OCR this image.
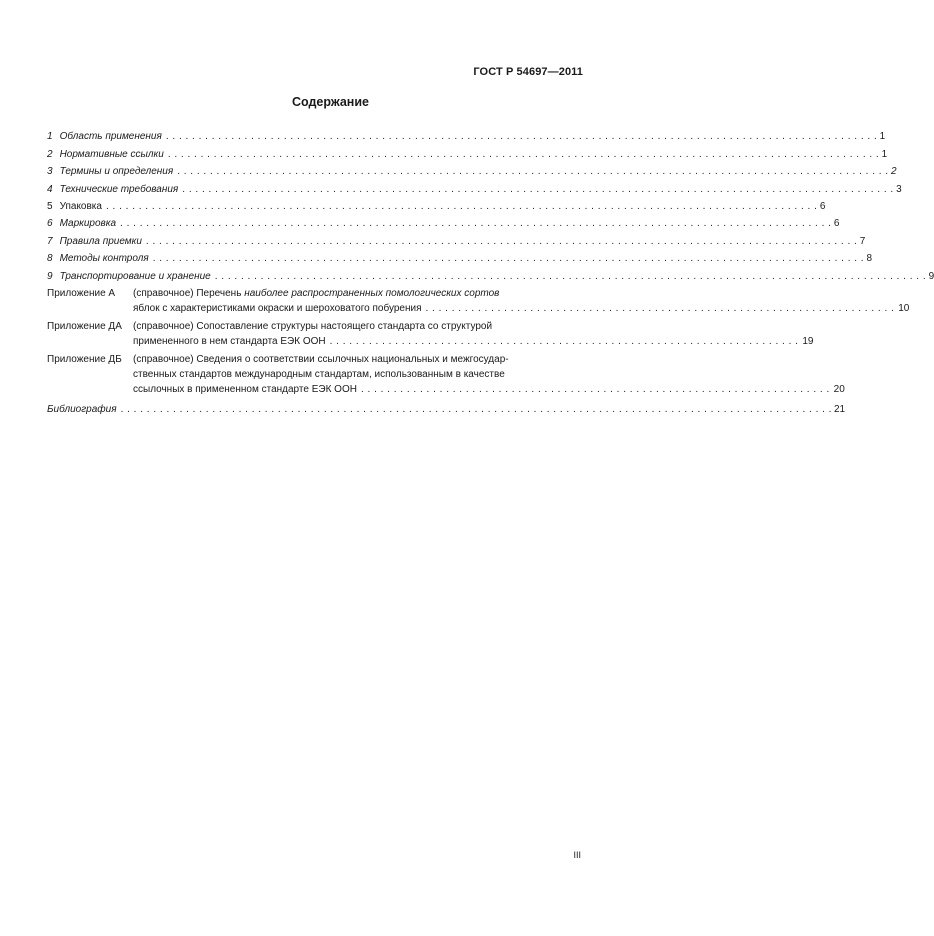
ГОСТ Р 54697—2011
Содержание
1 Область применения . . .	1
2 Нормативные ссылки . . .	1
3 Термины и определения . . .	2
4 Технические требования . . .	3
5 Упаковка . . .	6
6 Маркировка . . .	6
7 Правила приемки . . .	7
8 Методы контроля . . .	8
9 Транспортирование и хранение . . .	9
Приложение А	(справочное) Перечень наиболее распространенных помологических сортов
яблок с характеристиками окраски и шероховатого побурения . . .	10
Приложение ДА	(справочное) Сопоставление структуры настоящего стандарта со структурой
примененного в нем стандарта ЕЭК ООН . . .	19
Приложение ДБ	(справочное) Сведения о соответствии ссылочных национальных и межгосудар-
ственных стандартов международным стандартам, использованным в качестве
ссылочных в примененном стандарте ЕЭК ООН . . .	20
Библиография . . .	21
III
